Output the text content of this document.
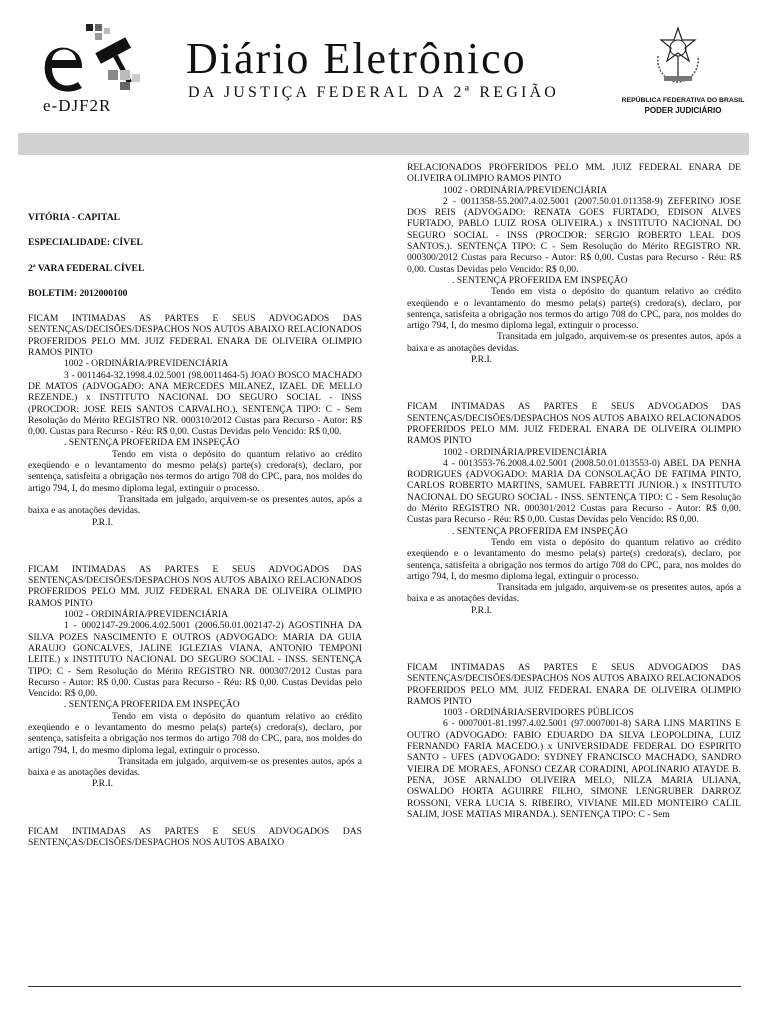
e-DJF2R
Diário Eletrônico
DA JUSTIÇA FEDERAL DA 2ª REGIÃO	REPÚBLICA FEDERATIVA DO BRASIL
PODER JUDICIÁRIO

VITÓRIA - CAPITAL

ESPECIALIDADE: CÍVEL

2ª VARA FEDERAL CÍVEL

BOLETIM: 2012000100

FICAM INTIMADAS AS PARTES E SEUS ADVOGADOS DAS SENTENÇAS/DECISÕES/DESPACHOS NOS AUTOS ABAIXO RELACIONADOS PROFERIDOS PELO MM. JUIZ FEDERAL ENARA DE OLIVEIRA OLIMPIO RAMOS PINTO

1002 - ORDINÁRIA/PREVIDENCIÁRIA

3 - 0011464-32.1998.4.02.5001 (98.0011464-5) JOAO BOSCO MACHADO DE MATOS (ADVOGADO: ANA MERCEDES MILANEZ, IZAEL DE MELLO REZENDE.) x INSTITUTO NACIONAL DO SEGURO SOCIAL - INSS (PROCDOR: JOSE REIS SANTOS CARVALHO.). SENTENÇA TIPO: C - Sem Resolução do Mérito REGISTRO NR. 000310/2012 Custas para Recurso - Autor: R$ 0,00. Custas para Recurso - Réu: R$ 0,00. Custas Devidas pelo Vencido: R$ 0,00.

. SENTENÇA PROFERIDA EM INSPEÇÃO

Tendo em vista o depósito do quantum relativo ao crédito exeqüendo e o levantamento do mesmo pela(s) parte(s) credora(s), declaro, por sentença, satisfeita a obrigação nos termos do artigo 708 do CPC, para, nos moldes do artigo 794, I, do mesmo diploma legal, extinguir o processo.

Transitada em julgado, arquivem-se os presentes autos, após a baixa e as anotações devidas.

P.R.I.

FICAM INTIMADAS AS PARTES E SEUS ADVOGADOS DAS SENTENÇAS/DECISÕES/DESPACHOS NOS AUTOS ABAIXO RELACIONADOS PROFERIDOS PELO MM. JUIZ FEDERAL ENARA DE OLIVEIRA OLIMPIO RAMOS PINTO

1002 - ORDINÁRIA/PREVIDENCIÁRIA

1 - 0002147-29.2006.4.02.5001 (2006.50.01.002147-2) AGOSTINHA DA SILVA POZES NASCIMENTO E OUTROS (ADVOGADO: MARIA DA GUIA ARAUJO GONCALVES, JALINE IGLEZIAS VIANA, ANTONIO TEMPONI LEITE.) x INSTITUTO NACIONAL DO SEGURO SOCIAL - INSS. SENTENÇA TIPO: C - Sem Resolução do Mérito REGISTRO NR. 000307/2012 Custas para Recurso - Autor: R$ 0,00. Custas para Recurso - Réu: R$ 0,00. Custas Devidas pelo Vencido: R$ 0,00.

. SENTENÇA PROFERIDA EM INSPEÇÃO

Tendo em vista o depósito do quantum relativo ao crédito exeqüendo e o levantamento do mesmo pela(s) parte(s) credora(s), declaro, por sentença, satisfeita a obrigação nos termos do artigo 708 do CPC, para, nos moldes do artigo 794, I, do mesmo diploma legal, extinguir o processo.

Transitada em julgado, arquivem-se os presentes autos, após a baixa e as anotações devidas.

P.R.I.

FICAM INTIMADAS AS PARTES E SEUS ADVOGADOS DAS SENTENÇAS/DECISÕES/DESPACHOS NOS AUTOS ABAIXO

RELACIONADOS PROFERIDOS PELO MM. JUIZ FEDERAL ENARA DE OLIVEIRA OLIMPIO RAMOS PINTO

1002 - ORDINÁRIA/PREVIDENCIÁRIA

2 - 0011358-55.2007.4.02.5001 (2007.50.01.011358-9) ZEFERINO JOSE DOS REIS (ADVOGADO: RENATA GOES FURTADO, EDISON ALVES FURTADO, PABLO LUIZ ROSA OLIVEIRA.) x INSTITUTO NACIONAL DO SEGURO SOCIAL - INSS (PROCDOR: SERGIO ROBERTO LEAL DOS SANTOS.). SENTENÇA TIPO: C - Sem Resolução do Mérito REGISTRO NR. 000300/2012 Custas para Recurso - Autor: R$ 0,00. Custas para Recurso - Réu: R$ 0,00. Custas Devidas pelo Vencido: R$ 0,00.

. SENTENÇA PROFERIDA EM INSPEÇÃO

Tendo em vista o depósito do quantum relativo ao crédito exeqüendo e o levantamento do mesmo pela(s) parte(s) credora(s), declaro, por sentença, satisfeita a obrigação nos termos do artigo 708 do CPC, para, nos moldes do artigo 794, I, do mesmo diploma legal, extinguir o processo.

Transitada em julgado, arquivem-se os presentes autos, após a baixa e as anotações devidas.

P.R.I.

FICAM INTIMADAS AS PARTES E SEUS ADVOGADOS DAS SENTENÇAS/DECISÕES/DESPACHOS NOS AUTOS ABAIXO RELACIONADOS PROFERIDOS PELO MM. JUIZ FEDERAL ENARA DE OLIVEIRA OLIMPIO RAMOS PINTO

1002 - ORDINÁRIA/PREVIDENCIÁRIA

4 - 0013553-76.2008.4.02.5001 (2008.50.01.013553-0) ABEL DA PENHA RODRIGUES (ADVOGADO: MARIA DA CONSOLAÇÃO DE FATIMA PINTO, CARLOS ROBERTO MARTINS, SAMUEL FABRETTI JUNIOR.) x INSTITUTO NACIONAL DO SEGURO SOCIAL - INSS. SENTENÇA TIPO: C - Sem Resolução do Mérito REGISTRO NR. 000301/2012 Custas para Recurso - Autor: R$ 0,00. Custas para Recurso - Réu: R$ 0,00. Custas Devidas pelo Vencido: R$ 0,00.

. SENTENÇA PROFERIDA EM INSPEÇÃO

Tendo em vista o depósito do quantum relativo ao crédito exeqüendo e o levantamento do mesmo pela(s) parte(s) credora(s), declaro, por sentença, satisfeita a obrigação nos termos do artigo 708 do CPC, para, nos moldes do artigo 794, I, do mesmo diploma legal, extinguir o processo.

Transitada em julgado, arquivem-se os presentes autos, após a baixa e as anotações devidas.

P.R.I.

FICAM INTIMADAS AS PARTES E SEUS ADVOGADOS DAS SENTENÇAS/DECISÕES/DESPACHOS NOS AUTOS ABAIXO RELACIONADOS PROFERIDOS PELO MM. JUIZ FEDERAL ENARA DE OLIVEIRA OLIMPIO RAMOS PINTO

1003 - ORDINÁRIA/SERVIDORES PÚBLICOS

6 - 0007001-81.1997.4.02.5001 (97.0007001-8) SARA LINS MARTINS E OUTRO (ADVOGADO: FABIO EDUARDO DA SILVA LEOPOLDINA, LUIZ FERNANDO FARIA MACEDO.) x UNIVERSIDADE FEDERAL DO ESPIRITO SANTO - UFES (ADVOGADO: SYDNEY FRANCISCO MACHADO, SANDRO VIEIRA DE MORAES, AFONSO CEZAR CORADINI, APOLINARIO ATAYDE B. PENA, JOSE ARNALDO OLIVEIRA MELO, NILZA MARIA ULIANA, OSWALDO HORTA AGUIRRE FILHO, SIMONE LENGRUBER DARROZ ROSSONI, VERA LUCIA S. RIBEIRO, VIVIANE MILED MONTEIRO CALIL SALIM, JOSE MATIAS MIRANDA.). SENTENÇA TIPO: C - Sem
